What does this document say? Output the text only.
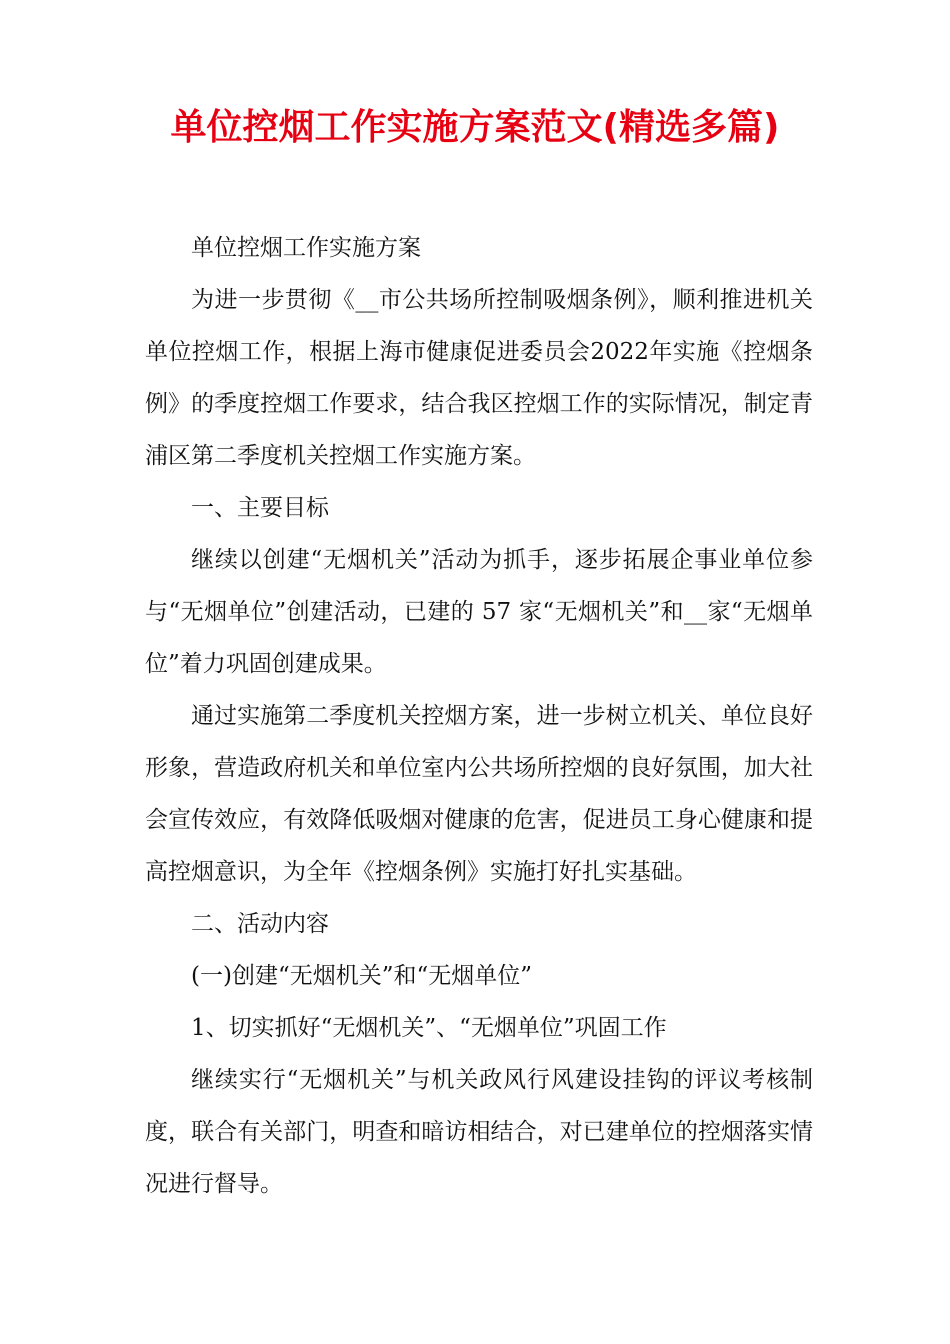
单位控烟工作实施方案范文(精选多篇)

单位控烟工作实施方案

为进一步贯彻《__市公共场所控制吸烟条例》，顺利推进机关单位控烟工作，根据上海市健康促进委员会2022年实施《控烟条例》的季度控烟工作要求，结合我区控烟工作的实际情况，制定青浦区第二季度机关控烟工作实施方案。

一、主要目标

继续以创建“无烟机关”活动为抓手，逐步拓展企事业单位参与“无烟单位”创建活动，已建的 57 家“无烟机关”和__家“无烟单位”着力巩固创建成果。

通过实施第二季度机关控烟方案，进一步树立机关、单位良好形象，营造政府机关和单位室内公共场所控烟的良好氛围，加大社会宣传效应，有效降低吸烟对健康的危害，促进员工身心健康和提高控烟意识，为全年《控烟条例》实施打好扎实基础。

二、活动内容

(一)创建“无烟机关”和“无烟单位”

1、切实抓好“无烟机关”、“无烟单位”巩固工作

继续实行“无烟机关”与机关政风行风建设挂钩的评议考核制度，联合有关部门，明查和暗访相结合，对已建单位的控烟落实情况进行督导。
